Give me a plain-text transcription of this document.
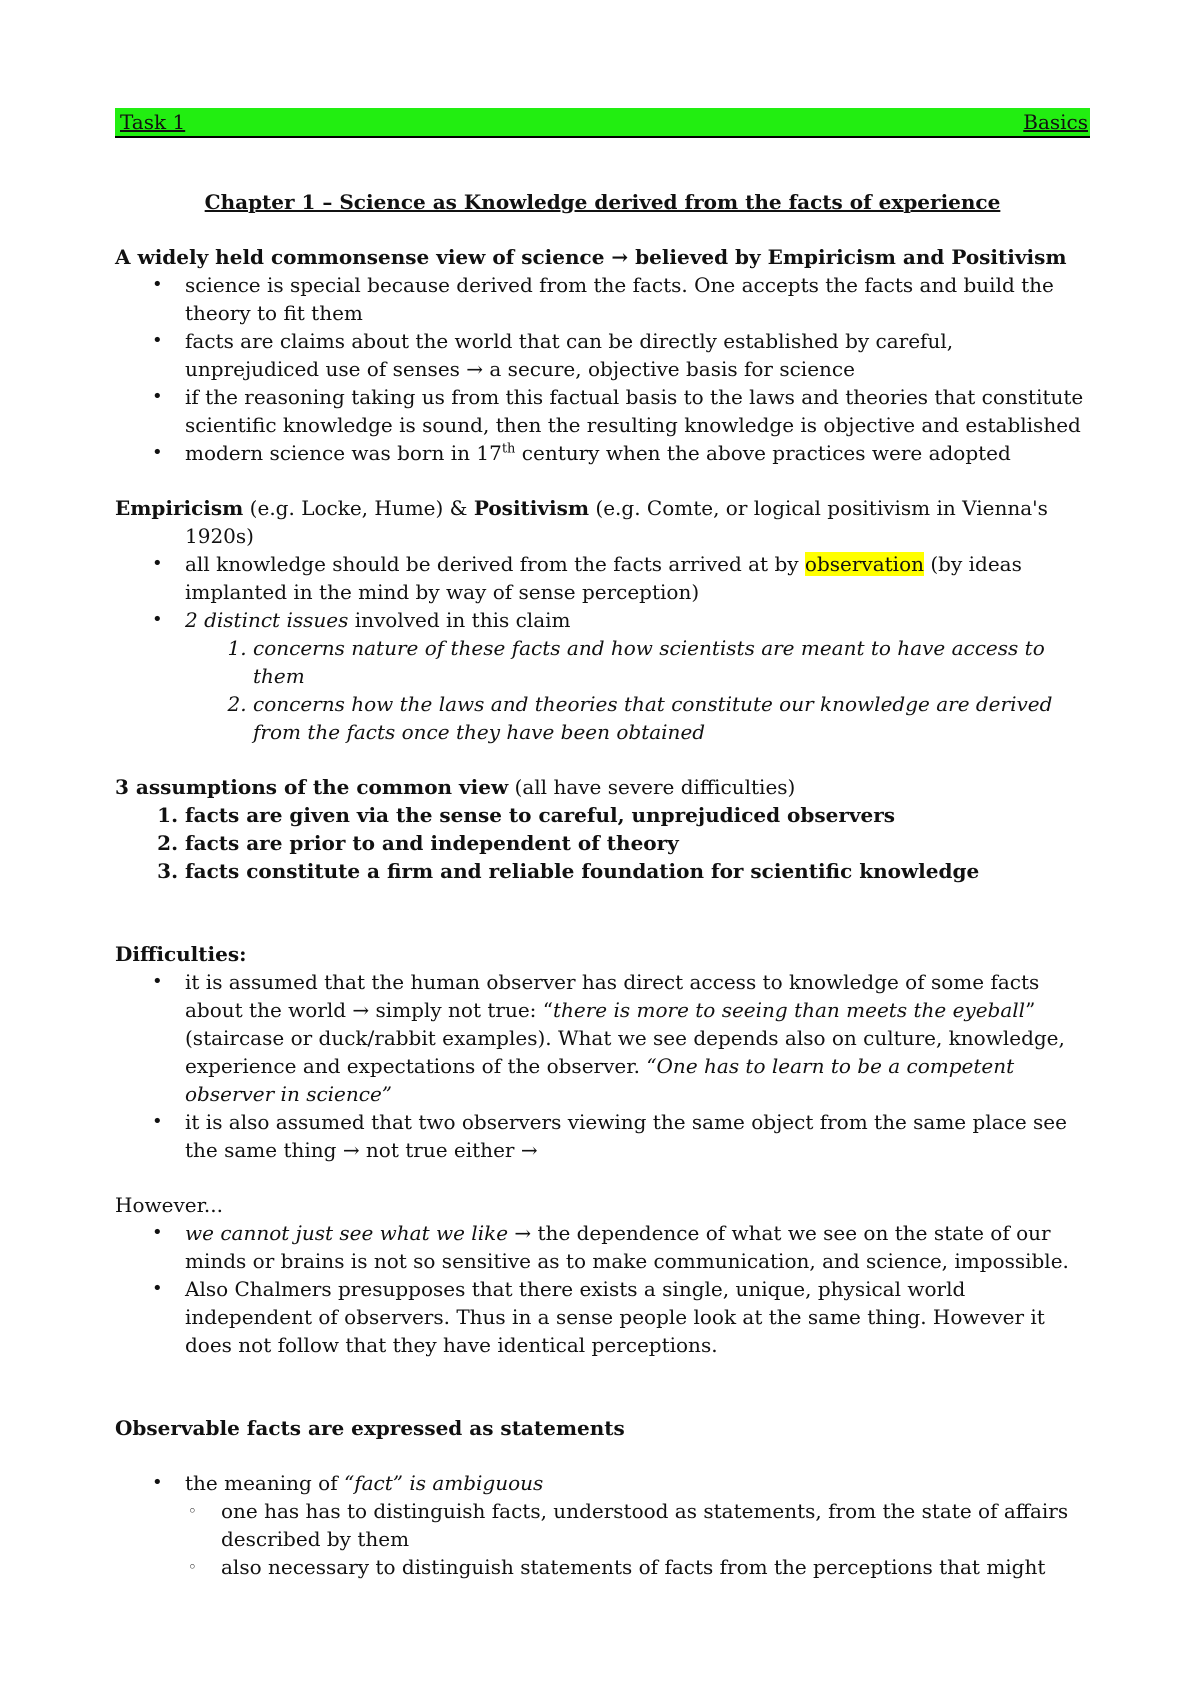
Task 1	Basics
Chapter 1 – Science as Knowledge derived from the facts of experience
A widely held commonsense view of science → believed by Empiricism and Positivism
• science is special because derived from the facts. One accepts the facts and build the theory to fit them
• facts are claims about the world that can be directly established by careful, unprejudiced use of senses → a secure, objective basis for science
• if the reasoning taking us from this factual basis to the laws and theories that constitute scientific knowledge is sound, then the resulting knowledge is objective and established
• modern science was born in 17th century when the above practices were adopted
Empiricism (e.g. Locke, Hume) & Positivism (e.g. Comte, or logical positivism in Vienna's 1920s)
• all knowledge should be derived from the facts arrived at by observation (by ideas implanted in the mind by way of sense perception)
• 2 distinct issues involved in this claim
1. concerns nature of these facts and how scientists are meant to have access to them
2. concerns how the laws and theories that constitute our knowledge are derived from the facts once they have been obtained
3 assumptions of the common view (all have severe difficulties)
1. facts are given via the sense to careful, unprejudiced observers
2. facts are prior to and independent of theory
3. facts constitute a firm and reliable foundation for scientific knowledge
Difficulties:
• it is assumed that the human observer has direct access to knowledge of some facts about the world → simply not true: “there is more to seeing than meets the eyeball” (staircase or duck/rabbit examples). What we see depends also on culture, knowledge, experience and expectations of the observer. “One has to learn to be a competent observer in science”
• it is also assumed that two observers viewing the same object from the same place see the same thing → not true either →
However...
• we cannot just see what we like → the dependence of what we see on the state of our minds or brains is not so sensitive as to make communication, and science, impossible.
• Also Chalmers presupposes that there exists a single, unique, physical world independent of observers. Thus in a sense people look at the same thing. However it does not follow that they have identical perceptions.
Observable facts are expressed as statements
• the meaning of “fact” is ambiguous
◦ one has has to distinguish facts, understood as statements, from the state of affairs described by them
◦ also necessary to distinguish statements of facts from the perceptions that might
